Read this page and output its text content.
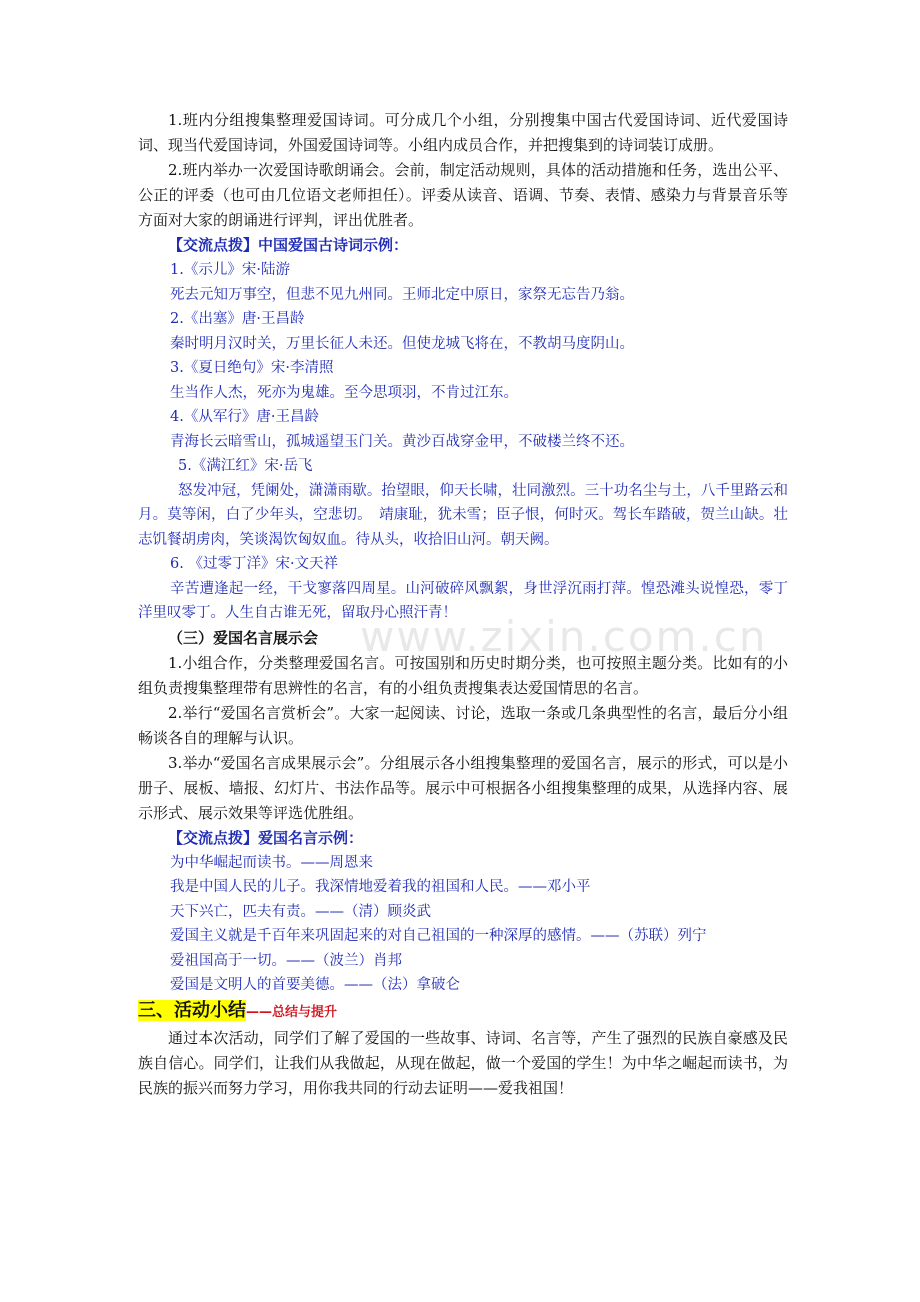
www.zixin.com.cn

1.班内分组搜集整理爱国诗词。可分成几个小组，分别搜集中国古代爱国诗词、近代爱国诗词、现当代爱国诗词，外国爱国诗词等。小组内成员合作，并把搜集到的诗词装订成册。

2.班内举办一次爱国诗歌朗诵会。会前，制定活动规则，具体的活动措施和任务，选出公平、公正的评委（也可由几位语文老师担任）。评委从读音、语调、节奏、表情、感染力与背景音乐等方面对大家的朗诵进行评判，评出优胜者。

【交流点拨】中国爱国古诗词示例：

1.《示儿》宋·陆游

死去元知万事空，但悲不见九州同。王师北定中原日，家祭无忘告乃翁。

2.《出塞》唐·王昌龄

秦时明月汉时关，万里长征人未还。但使龙城飞将在，不教胡马度阴山。

3.《夏日绝句》宋·李清照

生当作人杰，死亦为鬼雄。至今思项羽，不肯过江东。

4.《从军行》唐·王昌龄

青海长云暗雪山，孤城遥望玉门关。黄沙百战穿金甲，不破楼兰终不还。

5.《满江红》宋·岳飞

怒发冲冠，凭阑处，潇潇雨歇。抬望眼，仰天长啸，壮同激烈。三十功名尘与土，八千里路云和月。莫等闲，白了少年头，空悲切。　靖康耻，犹未雪；臣子恨，何时灭。驾长车踏破，贺兰山缺。壮志饥餐胡虏肉，笑谈渴饮匈奴血。待从头，收拾旧山河。朝天阙。

6. 《过零丁洋》宋·文天祥

辛苦遭逢起一经，干戈寥落四周星。山河破碎风飘絮，身世浮沉雨打萍。惶恐滩头说惶恐，零丁洋里叹零丁。人生自古谁无死，留取丹心照汗青！

（三）爱国名言展示会

1.小组合作，分类整理爱国名言。可按国别和历史时期分类，也可按照主题分类。比如有的小组负责搜集整理带有思辨性的名言，有的小组负责搜集表达爱国情思的名言。

2.举行“爱国名言赏析会”。大家一起阅读、讨论，选取一条或几条典型性的名言，最后分小组畅谈各自的理解与认识。

3.举办“爱国名言成果展示会”。分组展示各小组搜集整理的爱国名言，展示的形式，可以是小册子、展板、墙报、幻灯片、书法作品等。展示中可根据各小组搜集整理的成果，从选择内容、展示形式、展示效果等评选优胜组。

【交流点拨】爱国名言示例：

为中华崛起而读书。——周恩来

我是中国人民的儿子。我深情地爱着我的祖国和人民。——邓小平

天下兴亡，匹夫有责。——（清）顾炎武

爱国主义就是千百年来巩固起来的对自己祖国的一种深厚的感情。——（苏联）列宁

爱祖国高于一切。——（波兰）肖邦

爱国是文明人的首要美德。——（法）拿破仑

三、活动小结——总结与提升

通过本次活动，同学们了解了爱国的一些故事、诗词、名言等，产生了强烈的民族自豪感及民族自信心。同学们，让我们从我做起，从现在做起，做一个爱国的学生！为中华之崛起而读书，为民族的振兴而努力学习，用你我共同的行动去证明——爱我祖国！
